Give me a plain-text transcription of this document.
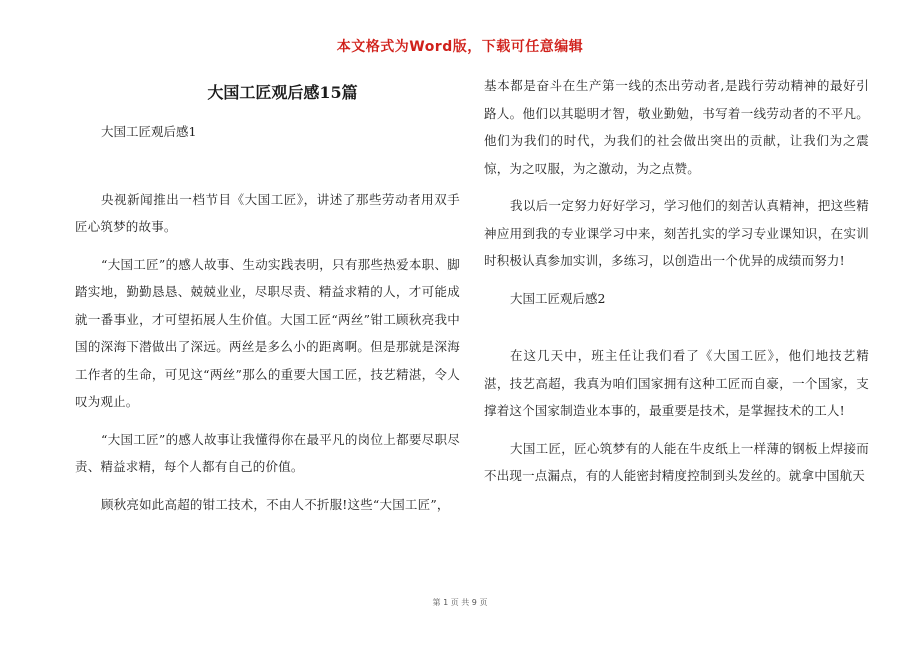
本文格式为Word版，下载可任意编辑
大国工匠观后感15篇

大国工匠观后感1

央视新闻推出一档节目《大国工匠》，讲述了那些劳动者用双手匠心筑梦的故事。

“大国工匠”的感人故事、生动实践表明，只有那些热爱本职、脚踏实地，勤勤恳恳、兢兢业业，尽职尽责、精益求精的人，才可能成就一番事业，才可望拓展人生价值。大国工匠“两丝”钳工顾秋亮我中国的深海下潜做出了深远。两丝是多么小的距离啊。但是那就是深海工作者的生命，可见这“两丝”那么的重要大国工匠，技艺精湛，令人叹为观止。

“大国工匠”的感人故事让我懂得你在最平凡的岗位上都要尽职尽责、精益求精，每个人都有自己的价值。

顾秋亮如此高超的钳工技术，不由人不折服!这些“大国工匠”，

基本都是奋斗在生产第一线的杰出劳动者,是践行劳动精神的最好引路人。他们以其聪明才智，敬业勤勉，书写着一线劳动者的不平凡。他们为我们的时代，为我们的社会做出突出的贡献，让我们为之震惊，为之叹服，为之激动，为之点赞。

我以后一定努力好好学习，学习他们的刻苦认真精神，把这些精神应用到我的专业课学习中来，刻苦扎实的学习专业课知识，在实训时积极认真参加实训，多练习，以创造出一个优异的成绩而努力!

大国工匠观后感2

在这几天中，班主任让我们看了《大国工匠》，他们地技艺精湛，技艺高超，我真为咱们国家拥有这种工匠而自豪，一个国家，支撑着这个国家制造业本事的，最重要是技术，是掌握技术的工人!

大国工匠，匠心筑梦有的人能在牛皮纸上一样薄的钢板上焊接而不出现一点漏点，有的人能密封精度控制到头发丝的。就拿中国航天

第 1 页 共 9 页
